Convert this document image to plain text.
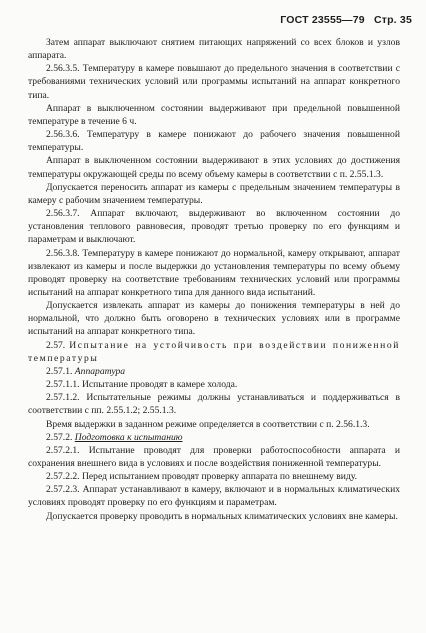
ГОСТ 23555—79 Стр. 35

Затем аппарат выключают снятием питающих напряжений со всех блоков и узлов аппарата.

2.56.3.5. Температуру в камере повышают до предельного значения в соответствии с требованиями технических условий или программы испытаний на аппарат конкретного типа.

Аппарат в выключенном состоянии выдерживают при предельной повышенной температуре в течение 6 ч.

2.56.3.6. Температуру в камере понижают до рабочего значения повышенной температуры.

Аппарат в выключенном состоянии выдерживают в этих условиях до достижения температуры окружающей среды по всему объему камеры в соответствии с п. 2.55.1.3.

Допускается переносить аппарат из камеры с предельным значением температуры в камеру с рабочим значением температуры.

2.56.3.7. Аппарат включают, выдерживают во включенном состоянии до установления теплового равновесия, проводят третью проверку по его функциям и параметрам и выключают.

2.56.3.8. Температуру в камере понижают до нормальной, камеру открывают, аппарат извлекают из камеры и после выдержки до установления температуры по всему объему проводят проверку на соответствие требованиям технических условий или программы испытаний на аппарат конкретного типа для данного вида испытаний.

Допускается извлекать аппарат из камеры до понижения температуры в ней до нормальной, что должно быть оговорено в технических условиях или в программе испытаний на аппарат конкретного типа.

2.57. Испытание на устойчивость при воздействии пониженной температуры

2.57.1. Аппаратура

2.57.1.1. Испытание проводят в камере холода.

2.57.1.2. Испытательные режимы должны устанавливаться и поддерживаться в соответствии с пп. 2.55.1.2; 2.55.1.3.

Время выдержки в заданном режиме определяется в соответствии с п. 2.56.1.3.

2.57.2. Подготовка к испытанию

2.57.2.1. Испытание проводят для проверки работоспособности аппарата и сохранения внешнего вида в условиях и после воздействия пониженной температуры.

2.57.2.2. Перед испытанием проводят проверку аппарата по внешнему виду.

2.57.2.3. Аппарат устанавливают в камеру, включают и в нормальных климатических условиях проводят проверку по его функциям и параметрам.

Допускается проверку проводить в нормальных климатических условиях вне камеры.
